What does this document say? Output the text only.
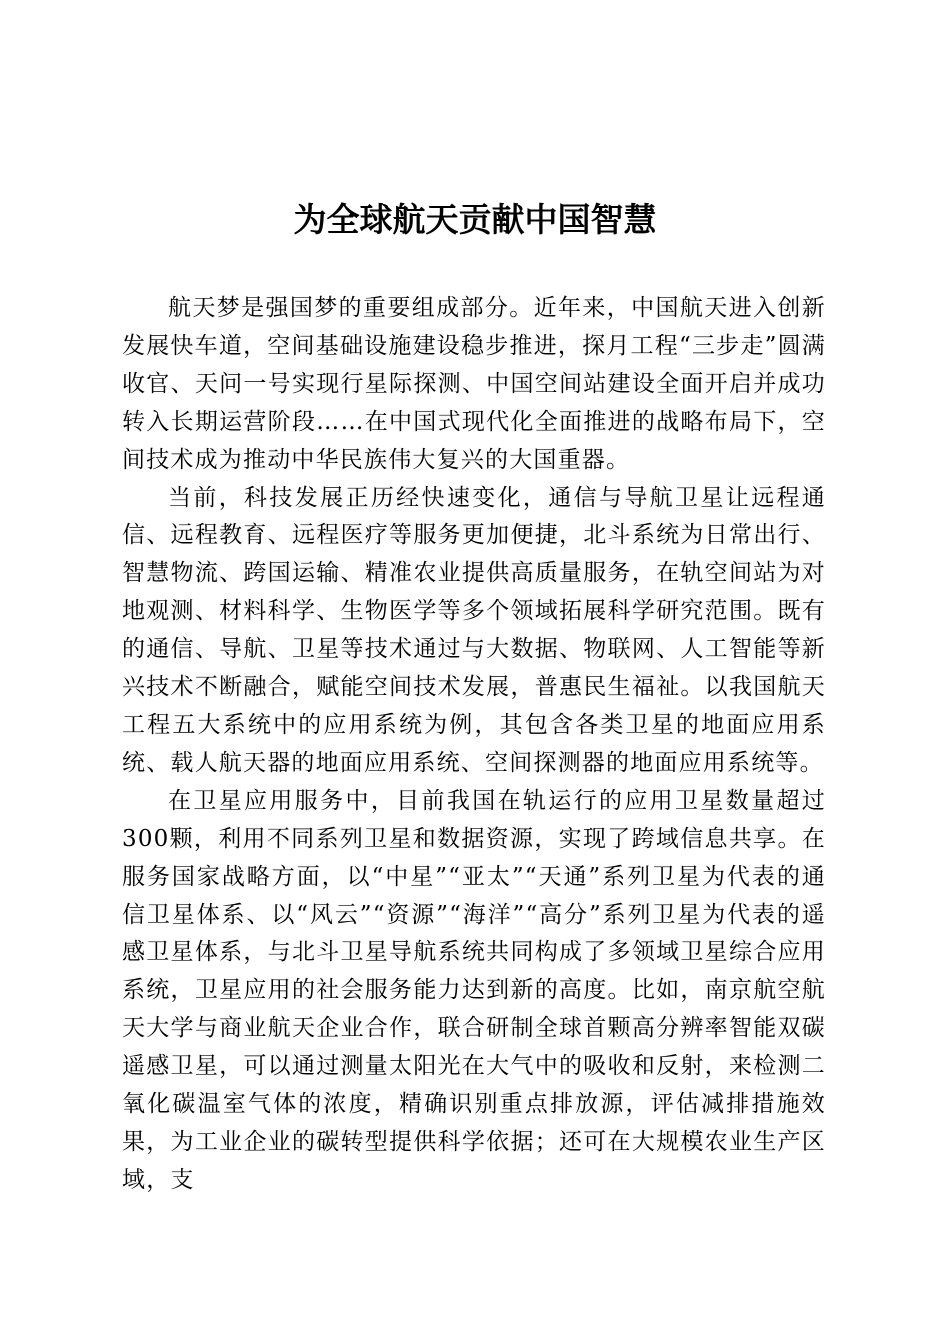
为全球航天贡献中国智慧

航天梦是强国梦的重要组成部分。近年来，中国航天进入创新发展快车道，空间基础设施建设稳步推进，探月工程“三步走”圆满收官、天问一号实现行星际探测、中国空间站建设全面开启并成功转入长期运营阶段……在中国式现代化全面推进的战略布局下，空间技术成为推动中华民族伟大复兴的大国重器。

当前，科技发展正历经快速变化，通信与导航卫星让远程通信、远程教育、远程医疗等服务更加便捷，北斗系统为日常出行、智慧物流、跨国运输、精准农业提供高质量服务，在轨空间站为对地观测、材料科学、生物医学等多个领域拓展科学研究范围。既有的通信、导航、卫星等技术通过与大数据、物联网、人工智能等新兴技术不断融合，赋能空间技术发展，普惠民生福祉。以我国航天工程五大系统中的应用系统为例，其包含各类卫星的地面应用系统、载人航天器的地面应用系统、空间探测器的地面应用系统等。

在卫星应用服务中，目前我国在轨运行的应用卫星数量超过300颗，利用不同系列卫星和数据资源，实现了跨域信息共享。在服务国家战略方面，以“中星”“亚太”“天通”系列卫星为代表的通信卫星体系、以“风云”“资源”“海洋”“高分”系列卫星为代表的遥感卫星体系，与北斗卫星导航系统共同构成了多领域卫星综合应用系统，卫星应用的社会服务能力达到新的高度。比如，南京航空航天大学与商业航天企业合作，联合研制全球首颗高分辨率智能双碳遥感卫星，可以通过测量太阳光在大气中的吸收和反射，来检测二氧化碳温室气体的浓度，精确识别重点排放源，评估减排措施效果，为工业企业的碳转型提供科学依据；还可在大规模农业生产区域，支
